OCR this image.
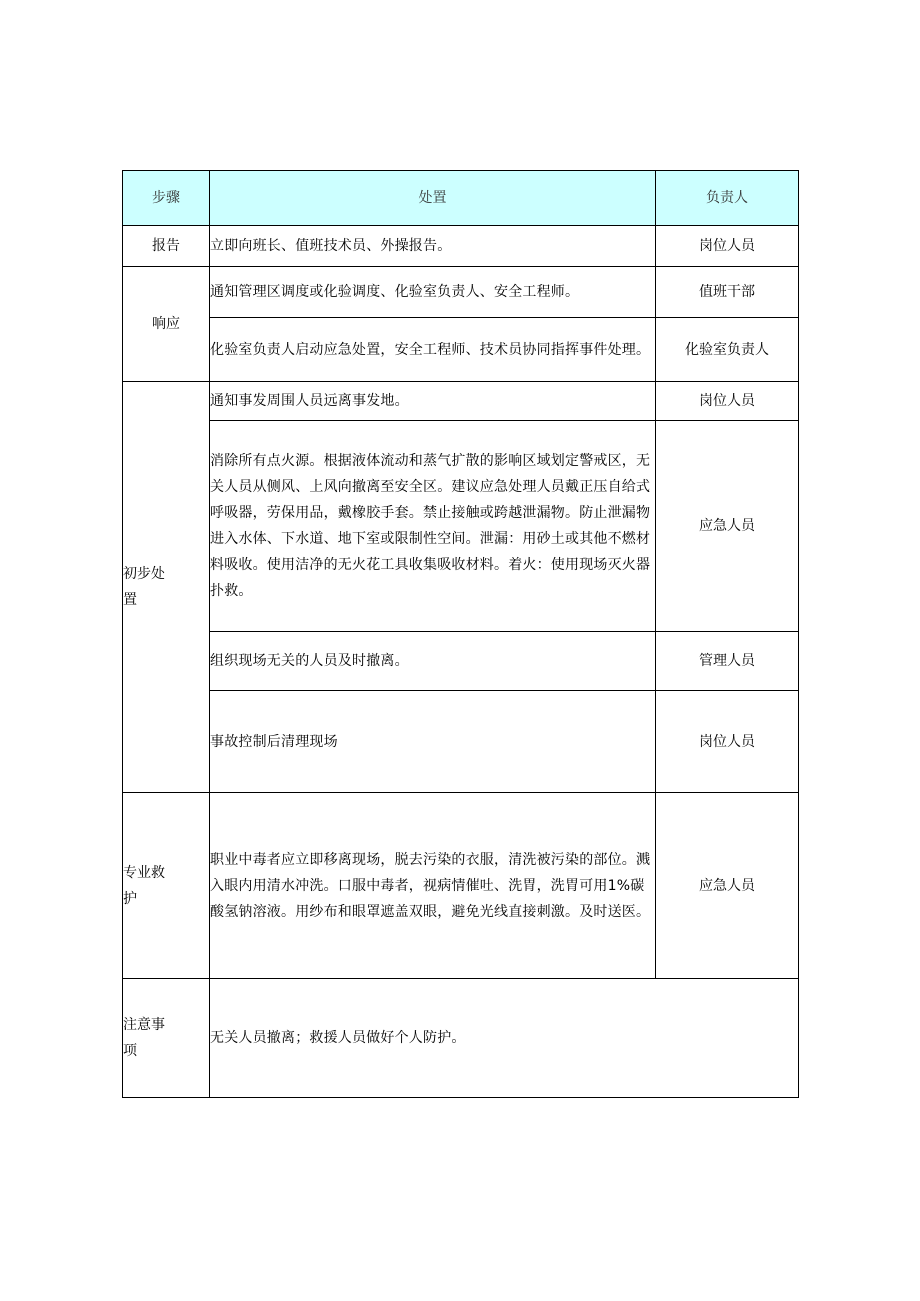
步骤	处置	负责人
报告	立即向班长、值班技术员、外操报告。	岗位人员
响应	通知管理区调度或化验调度、化验室负责人、安全工程师。	值班干部
	化验室负责人启动应急处置，安全工程师、技术员协同指挥事件处理。	化验室负责人

初步处置	通知事发周围人员远离事发地。	岗位人员
	消除所有点火源。根据液体流动和蒸气扩散的影响区域划定警戒区，无关人员从侧风、上风向撤离至安全区。建议应急处理人员戴正压自给式呼吸器，劳保用品，戴橡胶手套。禁止接触或跨越泄漏物。防止泄漏物进入水体、下水道、地下室或限制性空间。泄漏：用砂土或其他不燃材料吸收。使用洁净的无火花工具收集吸收材料。着火：使用现场灭火器扑救。	应急人员
	组织现场无关的人员及时撤离。	管理人员
	事故控制后清理现场	岗位人员

专业救护	职业中毒者应立即移离现场，脱去污染的衣服，清洗被污染的部位。溅入眼内用清水冲洗。口服中毒者，视病情催吐、洗胃，洗胃可用1%碳酸氢钠溶液。用纱布和眼罩遮盖双眼，避免光线直接刺激。及时送医。	应急人员

注意事项	无关人员撤离；救援人员做好个人防护。	
